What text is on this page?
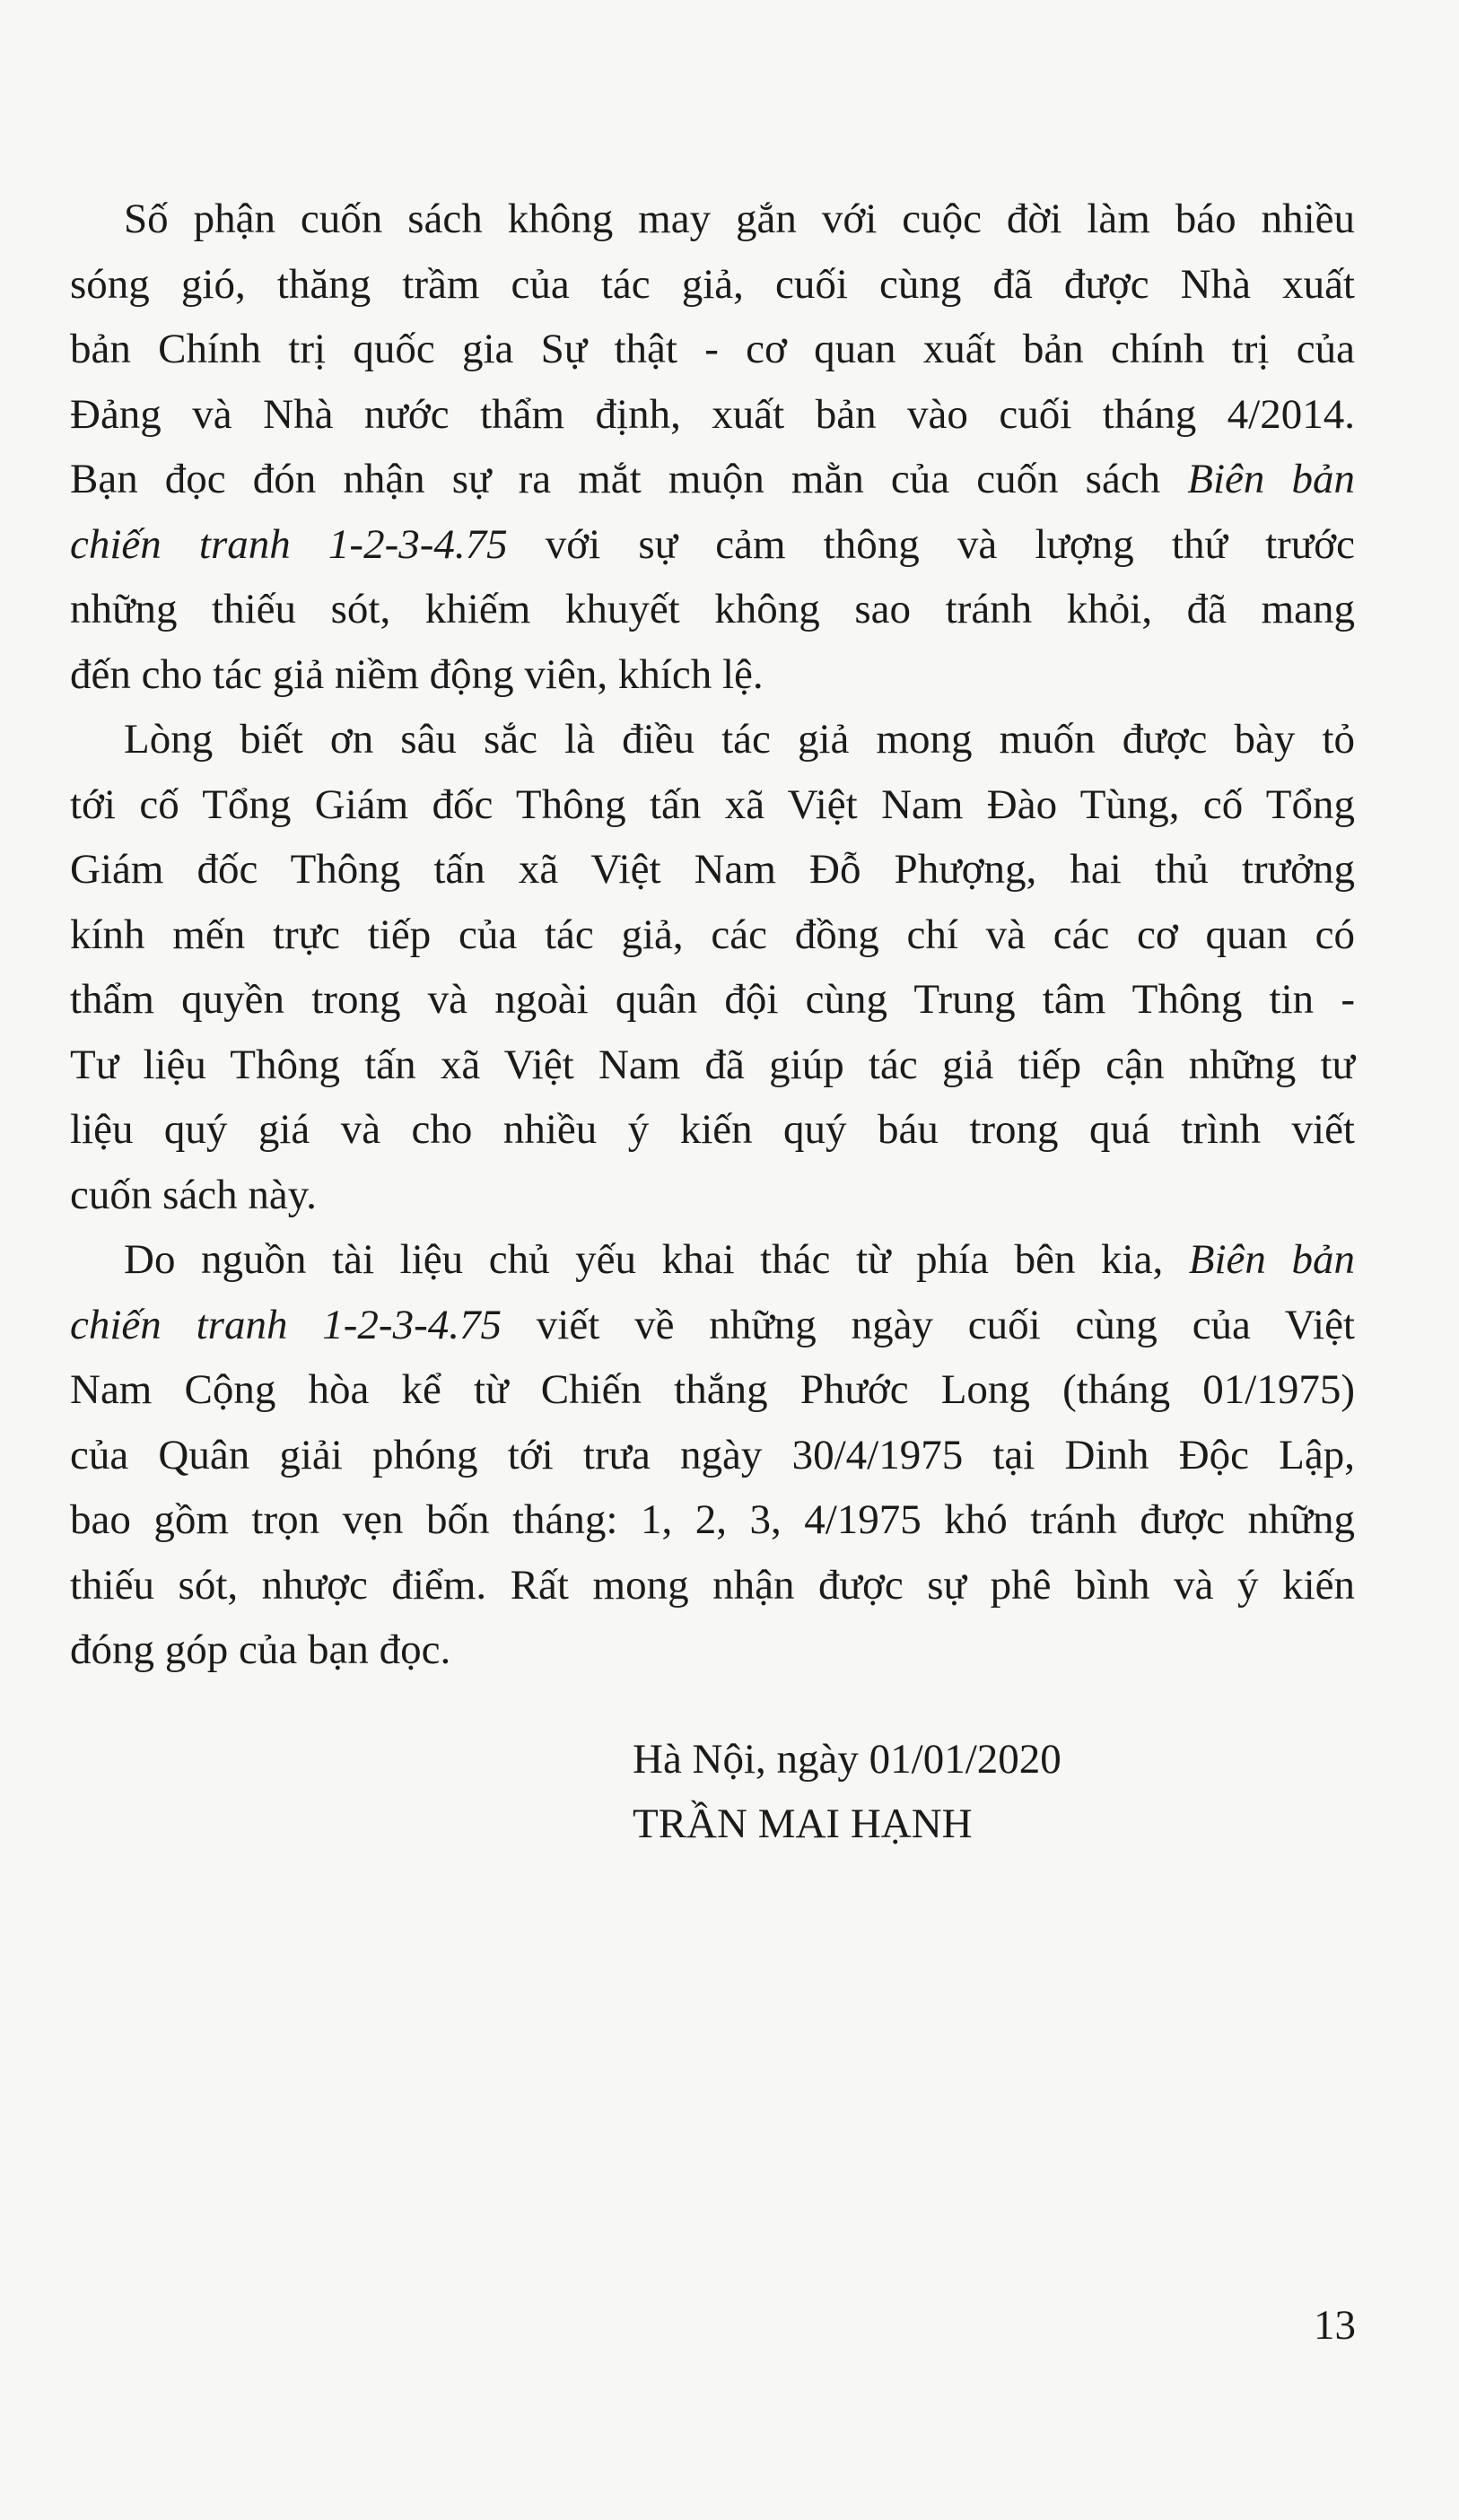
Số phận cuốn sách không may gắn với cuộc đời làm báo nhiều
sóng gió, thăng trầm của tác giả, cuối cùng đã được Nhà xuất
bản Chính trị quốc gia Sự thật - cơ quan xuất bản chính trị của
Đảng và Nhà nước thẩm định, xuất bản vào cuối tháng 4/2014.
Bạn đọc đón nhận sự ra mắt muộn mằn của cuốn sách Biên bản
chiến tranh 1-2-3-4.75 với sự cảm thông và lượng thứ trước
những thiếu sót, khiếm khuyết không sao tránh khỏi, đã mang
đến cho tác giả niềm động viên, khích lệ.
Lòng biết ơn sâu sắc là điều tác giả mong muốn được bày tỏ
tới cố Tổng Giám đốc Thông tấn xã Việt Nam Đào Tùng, cố Tổng
Giám đốc Thông tấn xã Việt Nam Đỗ Phượng, hai thủ trưởng
kính mến trực tiếp của tác giả, các đồng chí và các cơ quan có
thẩm quyền trong và ngoài quân đội cùng Trung tâm Thông tin -
Tư liệu Thông tấn xã Việt Nam đã giúp tác giả tiếp cận những tư
liệu quý giá và cho nhiều ý kiến quý báu trong quá trình viết
cuốn sách này.
Do nguồn tài liệu chủ yếu khai thác từ phía bên kia, Biên bản
chiến tranh 1-2-3-4.75 viết về những ngày cuối cùng của Việt
Nam Cộng hòa kể từ Chiến thắng Phước Long (tháng 01/1975)
của Quân giải phóng tới trưa ngày 30/4/1975 tại Dinh Độc Lập,
bao gồm trọn vẹn bốn tháng: 1, 2, 3, 4/1975 khó tránh được những
thiếu sót, nhược điểm. Rất mong nhận được sự phê bình và ý kiến
đóng góp của bạn đọc.
Hà Nội, ngày 01/01/2020
TRẦN MAI HẠNH
13
